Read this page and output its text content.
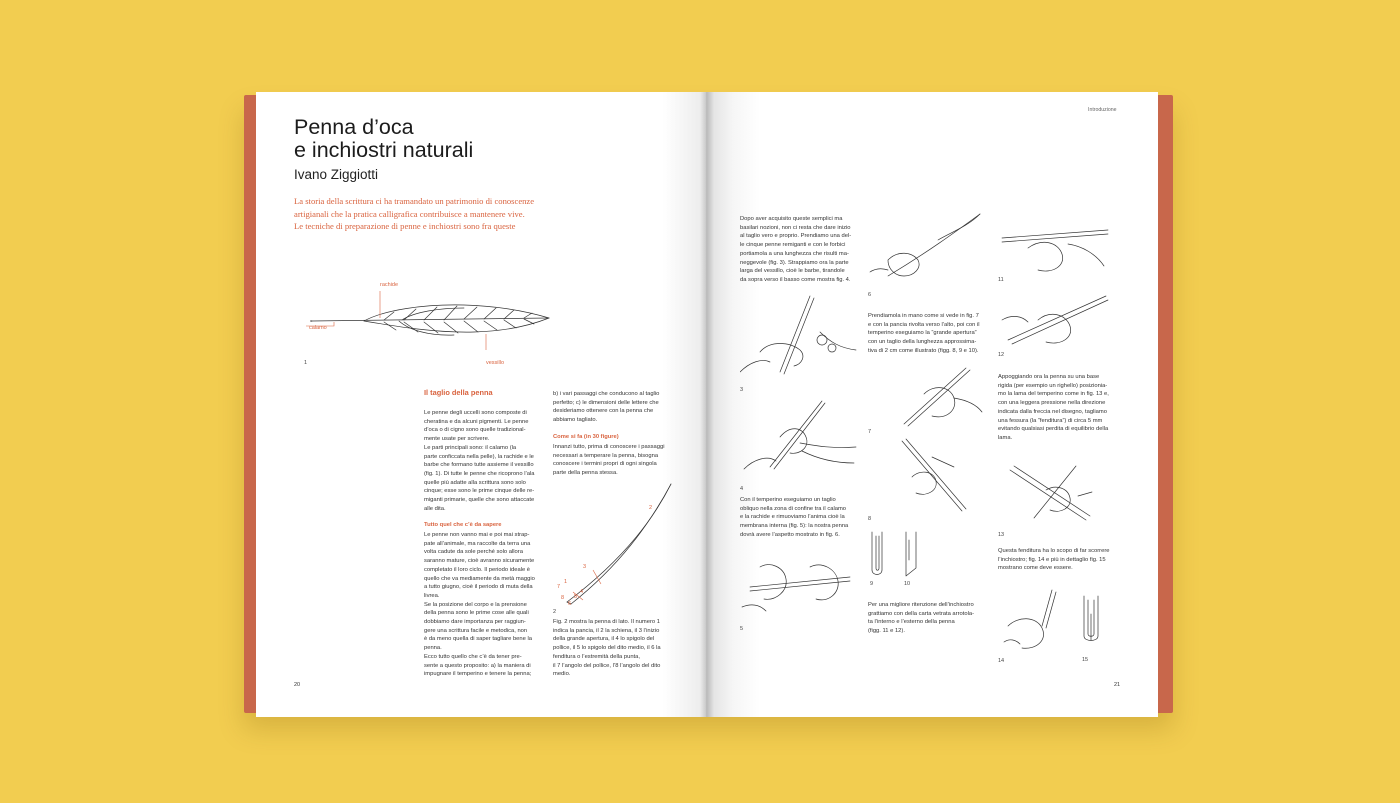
Penna d’oca
e inchiostri naturali
Ivano Ziggiotti
La storia della scrittura ci ha tramandato un patrimonio di conoscenze
artigianali che la pratica calligrafica contribuisce a mantenere vive.
Le tecniche di preparazione di penne e inchiostri sono fra queste
rachide
calamo
vessillo
1
Il taglio della penna
Le penne degli uccelli sono composte di
cheratina e da alcuni pigmenti. Le penne
d’oca o di cigno sono quelle tradizional-
mente usate per scrivere.
Le parti principali sono: il calamo (la
parte conficcata nella pelle), la rachide e le
barbe che formano tutte assieme il vessillo
(fig. 1). Di tutte le penne che ricoprono l’ala
quelle più adatte alla scrittura sono solo
cinque; esse sono le prime cinque delle re-
miganti primarie, quelle che sono attaccate
alle dita.
Tutto quel che c’è da sapere
Le penne non vanno mai e poi mai strap-
pate all’animale, ma raccolte da terra una
volta cadute da sole perché solo allora
saranno mature, cioè avranno sicuramente
completato il loro ciclo. Il periodo ideale è
quello che va mediamente da metà maggio
a tutto giugno, cioè il periodo di muta della
livrea.
Se la posizione del corpo e la prensione
della penna sono le prime cose alle quali
dobbiamo dare importanza per raggiun-
gere una scrittura facile e metodica, non
è da meno quella di saper tagliare bene la
penna.
Ecco tutto quello che c’è da tener pre-
sente a questo proposito: a) la maniera di
impugnare il temperino e tenere la penna;
b) i vari passaggi che conducono al taglio
perfetto; c) le dimensioni delle lettere che
desideriamo ottenere con la penna che
abbiamo tagliato.
Come si fa (in 30 figure)
Innanzi tutto, prima di conoscere i passaggi
necessari a temperare la penna, bisogna
conoscere i termini propri di ogni singola
parte della penna stessa.
2
1
3
4
5
6
7
8
2
Fig. 2 mostra la penna di lato. Il numero 1
indica la pancia, il 2 la schiena, il 3 l’inizio
della grande apertura, il 4 lo spigolo del
pollice, il 5 lo spigolo del dito medio, il 6 la
fenditura o l’estremità della punta,
il 7 l’angolo del pollice, l’8 l’angolo del dito
medio.
20
Introduzione
Dopo aver acquisito queste semplici ma
basilari nozioni, non ci resta che dare inizio
al taglio vero e proprio. Prendiamo una del-
le cinque penne remiganti e con le forbici
portiamola a una lunghezza che risulti ma-
neggevole (fig. 3). Strappiamo ora la parte
larga del vessillo, cioè le barbe, tirandole
da sopra verso il basso come mostra fig. 4.
Prendiamola in mano come si vede in fig. 7
e con la pancia rivolta verso l’alto, poi con il
temperino eseguiamo la “grande apertura”
con un taglio della lunghezza approssima-
tiva di 2 cm come illustrato (figg. 8, 9 e 10).
Appoggiando ora la penna su una base
rigida (per esempio un righello) posizionia-
mo la lama del temperino come in fig. 13 e,
con una leggera pressione nella direzione
indicata dalla freccia nel disegno, tagliamo
una fessura (la “fenditura”) di circa 5 mm
evitando qualsiasi perdita di equilibrio della
lama.
Con il temperino eseguiamo un taglio
obliquo nella zona di confine tra il calamo
e la rachide e rimuoviamo l’anima cioè la
membrana interna (fig. 5): la nostra penna
dovrà avere l’aspetto mostrato in fig. 6.
Questa fenditura ha lo scopo di far scorrere
l’inchiostro; fig. 14 e più in dettaglio fig. 15
mostrano come deve essere.
Per una migliore ritenzione dell’inchiostro
grattiamo con della carta vetrata arrotola-
ta l’interno e l’esterno della penna
(figg. 11 e 12).
3
4
5
6
7
8
9	10
11
12
13
14	15
21
